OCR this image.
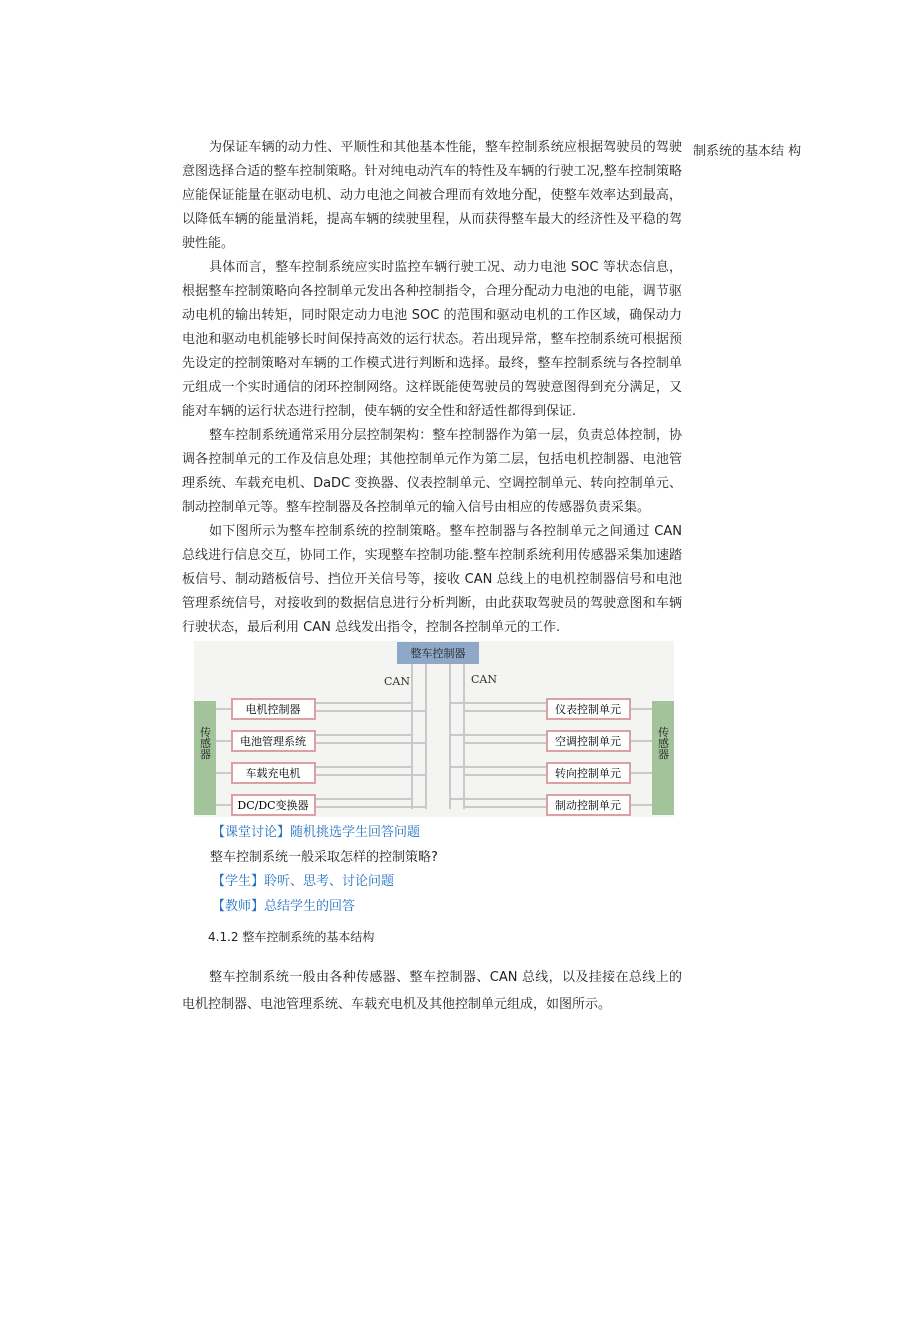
制系统的基本结 构

为保证车辆的动力性、平顺性和其他基本性能，整车控制系统应根据驾驶员的驾驶意图选择合适的整车控制策略。针对纯电动汽车的特性及车辆的行驶工况,整车控制策略应能保证能量在驱动电机、动力电池之间被合理而有效地分配，使整车效率达到最高，以降低车辆的能量消耗，提高车辆的续驶里程，从而获得整车最大的经济性及平稳的驾驶性能。

具体而言，整车控制系统应实时监控车辆行驶工况、动力电池 SOC 等状态信息，根据整车控制策略向各控制单元发出各种控制指令，合理分配动力电池的电能，调节驱动电机的输出转矩，同时限定动力电池 SOC 的范围和驱动电机的工作区域，确保动力电池和驱动电机能够长时间保持高效的运行状态。若出现异常，整车控制系统可根据预先设定的控制策略对车辆的工作模式进行判断和选择。最终，整车控制系统与各控制单元组成一个实时通信的闭环控制网络。这样既能使驾驶员的驾驶意图得到充分满足，又能对车辆的运行状态进行控制，使车辆的安全性和舒适性都得到保证.

整车控制系统通常采用分层控制架构：整车控制器作为第一层，负责总体控制，协调各控制单元的工作及信息处理；其他控制单元作为第二层，包括电机控制器、电池管理系统、车载充电机、DaDC 变换器、仪表控制单元、空调控制单元、转向控制单元、制动控制单元等。整车控制器及各控制单元的输入信号由相应的传感器负责采集。

如下图所示为整车控制系统的控制策略。整车控制器与各控制单元之间通过 CAN 总线进行信息交互，协同工作，实现整车控制功能.整车控制系统利用传感器采集加速踏板信号、制动踏板信号、挡位开关信号等，接收 CAN 总线上的电机控制器信号和电池管理系统信号，对接收到的数据信息进行分析判断，由此获取驾驶员的驾驶意图和车辆行驶状态，最后利用 CAN 总线发出指令，控制各控制单元的工作.

整车控制器
CAN	CAN
传感器	传感器
电机控制器
电池管理系统
车载充电机
DC/DC变换器
仪表控制单元
空调控制单元
转向控制单元
制动控制单元
【课堂讨论】随机挑选学生回答问题
整车控制系统一般采取怎样的控制策略?
【学生】聆听、思考、讨论问题
【教师】总结学生的回答
4.1.2 整车控制系统的基本结构

整车控制系统一般由各种传感器、整车控制器、CAN 总线，以及挂接在总线上的电机控制器、电池管理系统、车载充电机及其他控制单元组成，如图所示。
